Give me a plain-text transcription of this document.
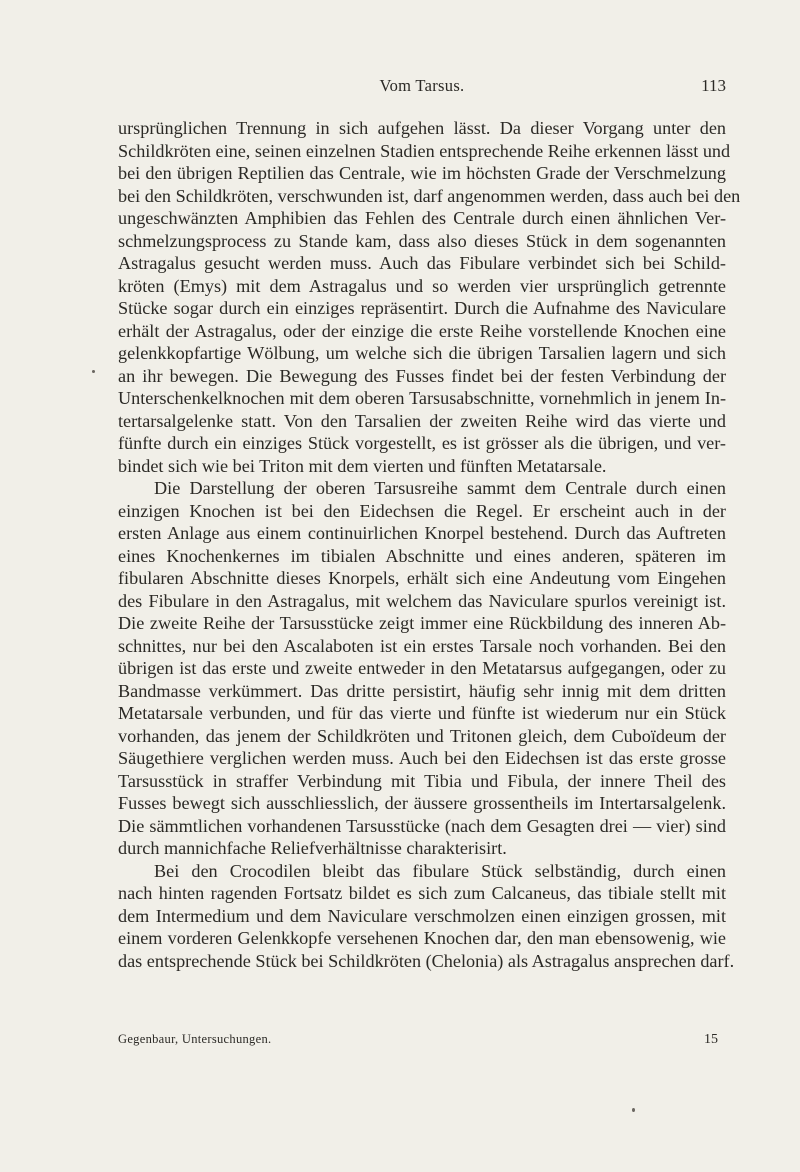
Vom Tarsus.	113
ursprünglichen Trennung in sich aufgehen lässt. Da dieser Vorgang unter den
Schildkröten eine, seinen einzelnen Stadien entsprechende Reihe erkennen lässt und
bei den übrigen Reptilien das Centrale, wie im höchsten Grade der Verschmelzung
bei den Schildkröten, verschwunden ist, darf angenommen werden, dass auch bei den
ungeschwänzten Amphibien das Fehlen des Centrale durch einen ähnlichen Ver-
schmelzungsprocess zu Stande kam, dass also dieses Stück in dem sogenannten
Astragalus gesucht werden muss. Auch das Fibulare verbindet sich bei Schild-
kröten (Emys) mit dem Astragalus und so werden vier ursprünglich getrennte
Stücke sogar durch ein einziges repräsentirt. Durch die Aufnahme des Naviculare
erhält der Astragalus, oder der einzige die erste Reihe vorstellende Knochen eine
gelenkkopfartige Wölbung, um welche sich die übrigen Tarsalien lagern und sich
an ihr bewegen. Die Bewegung des Fusses findet bei der festen Verbindung der
Unterschenkelknochen mit dem oberen Tarsusabschnitte, vornehmlich in jenem In-
tertarsalgelenke statt. Von den Tarsalien der zweiten Reihe wird das vierte und
fünfte durch ein einziges Stück vorgestellt, es ist grösser als die übrigen, und ver-
bindet sich wie bei Triton mit dem vierten und fünften Metatarsale.
Die Darstellung der oberen Tarsusreihe sammt dem Centrale durch einen
einzigen Knochen ist bei den Eidechsen die Regel. Er erscheint auch in der
ersten Anlage aus einem continuirlichen Knorpel bestehend. Durch das Auftreten
eines Knochenkernes im tibialen Abschnitte und eines anderen, späteren im
fibularen Abschnitte dieses Knorpels, erhält sich eine Andeutung vom Eingehen
des Fibulare in den Astragalus, mit welchem das Naviculare spurlos vereinigt ist.
Die zweite Reihe der Tarsusstücke zeigt immer eine Rückbildung des inneren Ab-
schnittes, nur bei den Ascalaboten ist ein erstes Tarsale noch vorhanden. Bei den
übrigen ist das erste und zweite entweder in den Metatarsus aufgegangen, oder zu
Bandmasse verkümmert. Das dritte persistirt, häufig sehr innig mit dem dritten
Metatarsale verbunden, und für das vierte und fünfte ist wiederum nur ein Stück
vorhanden, das jenem der Schildkröten und Tritonen gleich, dem Cuboïdeum der
Säugethiere verglichen werden muss. Auch bei den Eidechsen ist das erste grosse
Tarsusstück in straffer Verbindung mit Tibia und Fibula, der innere Theil des
Fusses bewegt sich ausschliesslich, der äussere grossentheils im Intertarsalgelenk.
Die sämmtlichen vorhandenen Tarsusstücke (nach dem Gesagten drei — vier) sind
durch mannichfache Reliefverhältnisse charakterisirt.
Bei den Crocodilen bleibt das fibulare Stück selbständig, durch einen
nach hinten ragenden Fortsatz bildet es sich zum Calcaneus, das tibiale stellt mit
dem Intermedium und dem Naviculare verschmolzen einen einzigen grossen, mit
einem vorderen Gelenkkopfe versehenen Knochen dar, den man ebensowenig, wie
das entsprechende Stück bei Schildkröten (Chelonia) als Astragalus ansprechen darf.
Gegenbaur, Untersuchungen.	15
